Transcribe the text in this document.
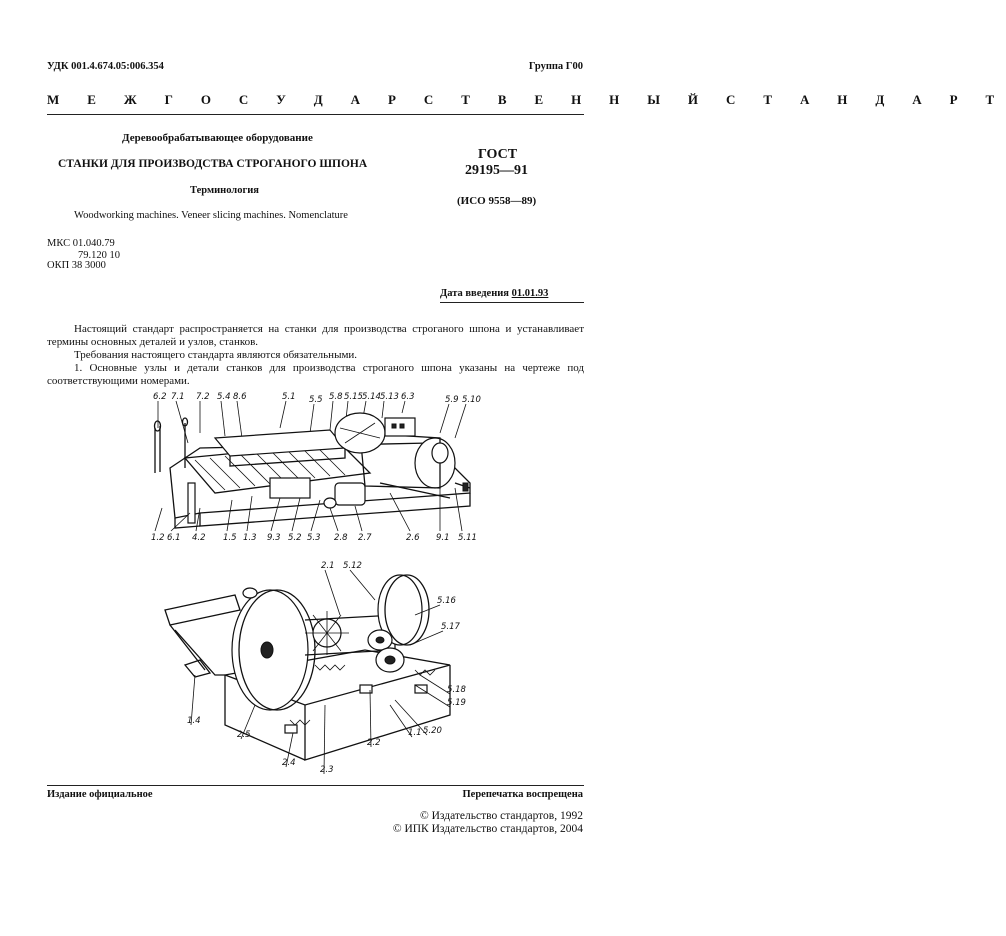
УДК 001.4.674.05:006.354	Группа Г00
М Е Ж Г О С У Д А Р С Т В Е Н Н Ы Й С Т А Н Д А Р Т
Деревообрабатывающее оборудование
СТАНКИ ДЛЯ ПРОИЗВОДСТВА СТРОГАНОГО ШПОНА
Терминология
Woodworking machines. Veneer slicing machines. Nomenclature
ГОСТ
29195—91
(ИСО 9558—89)
МКС 01.040.79
79.120 10
ОКП 38 3000
Дата введения 01.01.93
Настоящий стандарт распространяется на станки для производства строганого шпона и устанавливает термины основных деталей и узлов, станков.
Требования настоящего стандарта являются обязательными.
1. Основные узлы и детали станков для производства строганого шпона указаны на чертеже под соответствующими номерами.
6.2 7.1 7.2 5.4 8.6	5.1 5.5 5.8 5.15 5.14 5.13 6.3	5.9 5.10
1.2 6.1 4.2 1.5 1.3 9.3 5.2 5.3 2.8 2.7	2.6 9.1 5.11
2.1 5.12
5.16
5.17
5.18
5.19
5.20
1.1
2.2
2.3
2.4
2.5
1.4
Издание официальное	Перепечатка воспрещена
© Издательство стандартов, 1992
© ИПК Издательство стандартов, 2004
